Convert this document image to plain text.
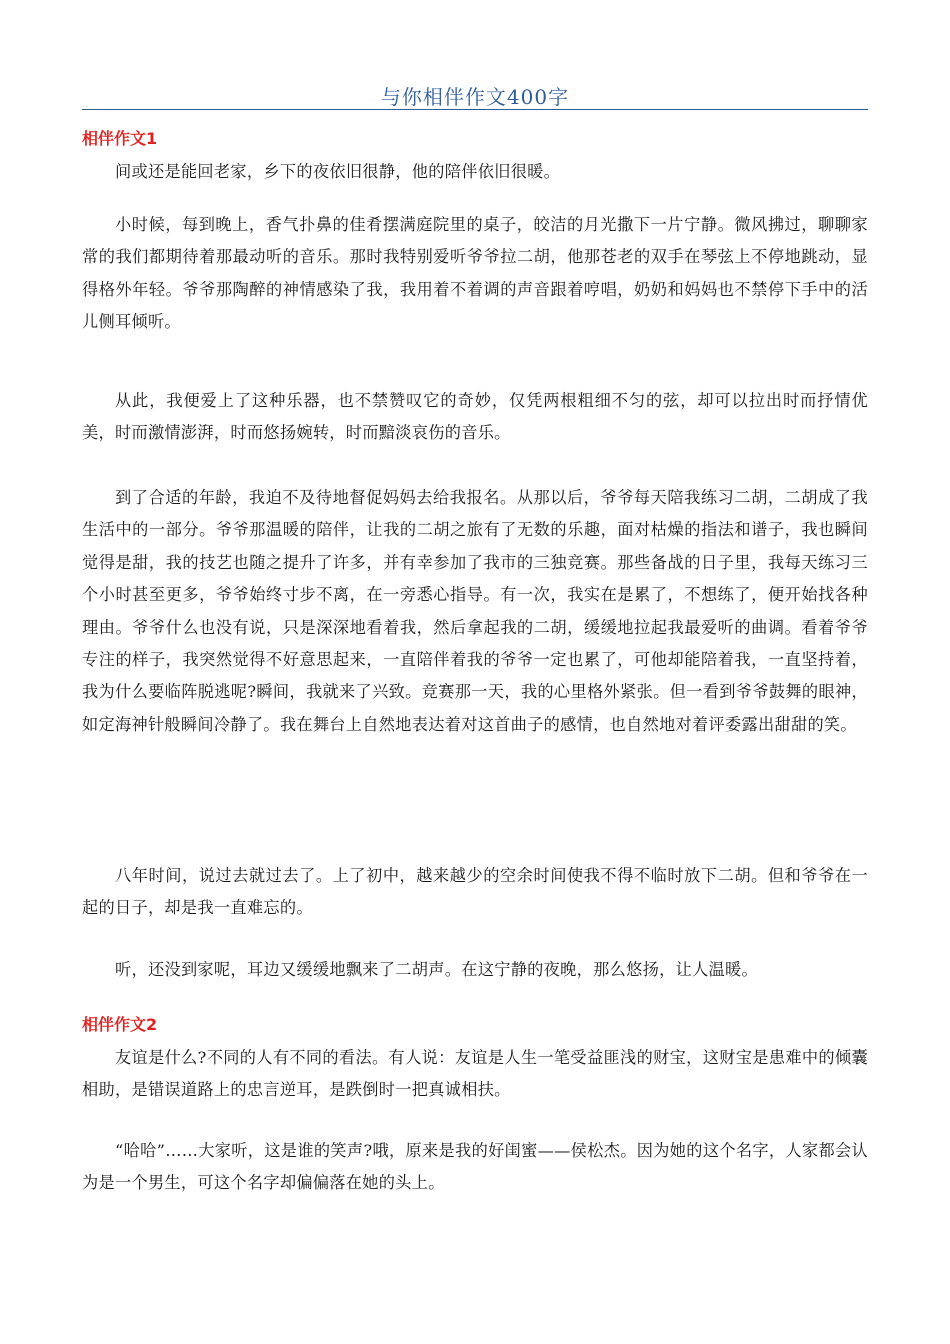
与你相伴作文400字
相伴作文1

间或还是能回老家，乡下的夜依旧很静，他的陪伴依旧很暖。

小时候，每到晚上，香气扑鼻的佳肴摆满庭院里的桌子，皎洁的月光撒下一片宁静。微风拂过，聊聊家常的我们都期待着那最动听的音乐。那时我特别爱听爷爷拉二胡，他那苍老的双手在琴弦上不停地跳动，显得格外年轻。爷爷那陶醉的神情感染了我，我用着不着调的声音跟着哼唱，奶奶和妈妈也不禁停下手中的活儿侧耳倾听。

从此，我便爱上了这种乐器，也不禁赞叹它的奇妙，仅凭两根粗细不匀的弦，却可以拉出时而抒情优美，时而激情澎湃，时而悠扬婉转，时而黯淡哀伤的音乐。

到了合适的年龄，我迫不及待地督促妈妈去给我报名。从那以后，爷爷每天陪我练习二胡，二胡成了我生活中的一部分。爷爷那温暖的陪伴，让我的二胡之旅有了无数的乐趣，面对枯燥的指法和谱子，我也瞬间觉得是甜，我的技艺也随之提升了许多，并有幸参加了我市的三独竞赛。那些备战的日子里，我每天练习三个小时甚至更多，爷爷始终寸步不离，在一旁悉心指导。有一次，我实在是累了，不想练了，便开始找各种理由。爷爷什么也没有说，只是深深地看着我，然后拿起我的二胡，缓缓地拉起我最爱听的曲调。看着爷爷专注的样子，我突然觉得不好意思起来，一直陪伴着我的爷爷一定也累了，可他却能陪着我，一直坚持着，我为什么要临阵脱逃呢?瞬间，我就来了兴致。竞赛那一天，我的心里格外紧张。但一看到爷爷鼓舞的眼神，如定海神针般瞬间冷静了。我在舞台上自然地表达着对这首曲子的感情，也自然地对着评委露出甜甜的笑。

八年时间，说过去就过去了。上了初中，越来越少的空余时间使我不得不临时放下二胡。但和爷爷在一起的日子，却是我一直难忘的。

听，还没到家呢，耳边又缓缓地飘来了二胡声。在这宁静的夜晚，那么悠扬，让人温暖。

相伴作文2

友谊是什么?不同的人有不同的看法。有人说：友谊是人生一笔受益匪浅的财宝，这财宝是患难中的倾囊相助，是错误道路上的忠言逆耳，是跌倒时一把真诚相扶。

“哈哈”……大家听，这是谁的笑声?哦，原来是我的好闺蜜——侯松杰。因为她的这个名字，人家都会认为是一个男生，可这个名字却偏偏落在她的头上。
